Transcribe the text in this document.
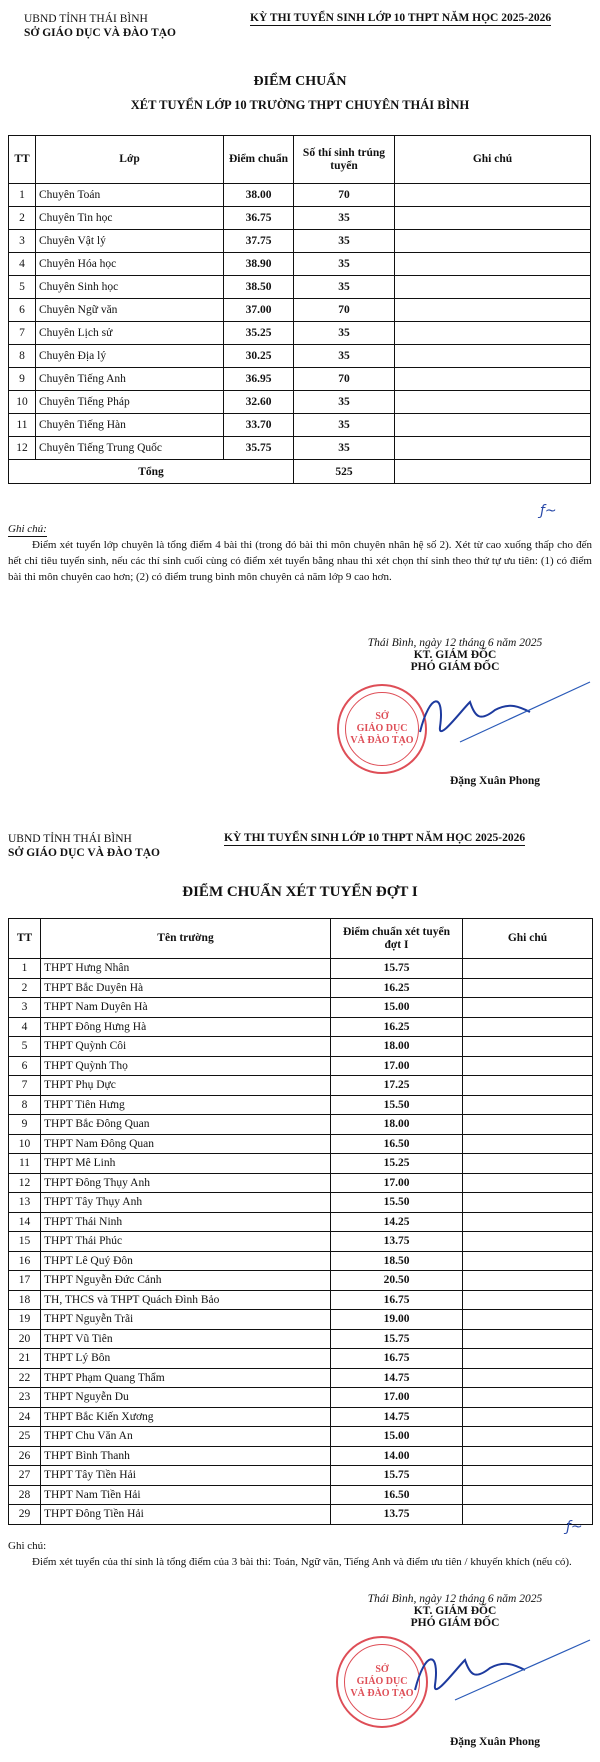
UBND TỈNH THÁI BÌNH
SỞ GIÁO DỤC VÀ ĐÀO TẠO
KỲ THI TUYỂN SINH LỚP 10 THPT NĂM HỌC 2025-2026
ĐIỂM CHUẨN
XÉT TUYỂN LỚP 10 TRƯỜNG THPT CHUYÊN THÁI BÌNH
TT	Lớp	Điểm chuẩn	Số thí sinh trúng tuyển	Ghi chú
1	Chuyên Toán	38.00	70	
2	Chuyên Tin học	36.75	35	
3	Chuyên Vật lý	37.75	35	
4	Chuyên Hóa học	38.90	35	
5	Chuyên Sinh học	38.50	35	
6	Chuyên Ngữ văn	37.00	70	
7	Chuyên Lịch sử	35.25	35	
8	Chuyên Địa lý	30.25	35	
9	Chuyên Tiếng Anh	36.95	70	
10	Chuyên Tiếng Pháp	32.60	35	
11	Chuyên Tiếng Hàn	33.70	35	
12	Chuyên Tiếng Trung Quốc	35.75	35	
Tổng			525	
ƒ~
Ghi chú:
Điểm xét tuyển lớp chuyên là tổng điểm 4 bài thi (trong đó bài thi môn chuyên nhân hệ số 2). Xét từ cao xuống thấp cho đến hết chỉ tiêu tuyển sinh, nếu các thí sinh cuối cùng có điểm xét tuyển bằng nhau thì xét chọn thí sinh theo thứ tự ưu tiên: (1) có điểm bài thi môn chuyên cao hơn; (2) có điểm trung bình môn chuyên cả năm lớp 9 cao hơn.
Thái Bình, ngày 12 tháng 6 năm 2025
KT. GIÁM ĐỐC
PHÓ GIÁM ĐỐC
SỞ
GIÁO DỤC
VÀ ĐÀO TẠO
Đặng Xuân Phong
UBND TỈNH THÁI BÌNH
SỞ GIÁO DỤC VÀ ĐÀO TẠO
KỲ THI TUYỂN SINH LỚP 10 THPT NĂM HỌC 2025-2026
ĐIỂM CHUẨN XÉT TUYỂN ĐỢT I
TT	Tên trường	Điểm chuẩn xét tuyển đợt I	Ghi chú
1	THPT Hưng Nhân	15.75	
2	THPT Bắc Duyên Hà	16.25	
3	THPT Nam Duyên Hà	15.00	
4	THPT Đông Hưng Hà	16.25	
5	THPT Quỳnh Côi	18.00	
6	THPT Quỳnh Thọ	17.00	
7	THPT Phụ Dực	17.25	
8	THPT Tiên Hưng	15.50	
9	THPT Bắc Đông Quan	18.00	
10	THPT Nam Đông Quan	16.50	
11	THPT Mê Linh	15.25	
12	THPT Đông Thụy Anh	17.00	
13	THPT Tây Thụy Anh	15.50	
14	THPT Thái Ninh	14.25	
15	THPT Thái Phúc	13.75	
16	THPT Lê Quý Đôn	18.50	
17	THPT Nguyễn Đức Cảnh	20.50	
18	TH, THCS và THPT Quách Đình Bảo	16.75	
19	THPT Nguyễn Trãi	19.00	
20	THPT Vũ Tiên	15.75	
21	THPT Lý Bôn	16.75	
22	THPT Phạm Quang Thẩm	14.75	
23	THPT Nguyễn Du	17.00	
24	THPT Bắc Kiến Xương	14.75	
25	THPT Chu Văn An	15.00	
26	THPT Bình Thanh	14.00	
27	THPT Tây Tiền Hải	15.75	
28	THPT Nam Tiền Hải	16.50	
29	THPT Đông Tiền Hải	13.75	
ƒ~
Ghi chú:
Điểm xét tuyển của thí sinh là tổng điểm của 3 bài thi: Toán, Ngữ văn, Tiếng Anh và điểm ưu tiên / khuyến khích (nếu có).
Thái Bình, ngày 12 tháng 6 năm 2025
KT. GIÁM ĐỐC
PHÓ GIÁM ĐỐC
SỞ
GIÁO DỤC
VÀ ĐÀO TẠO
Đặng Xuân Phong
